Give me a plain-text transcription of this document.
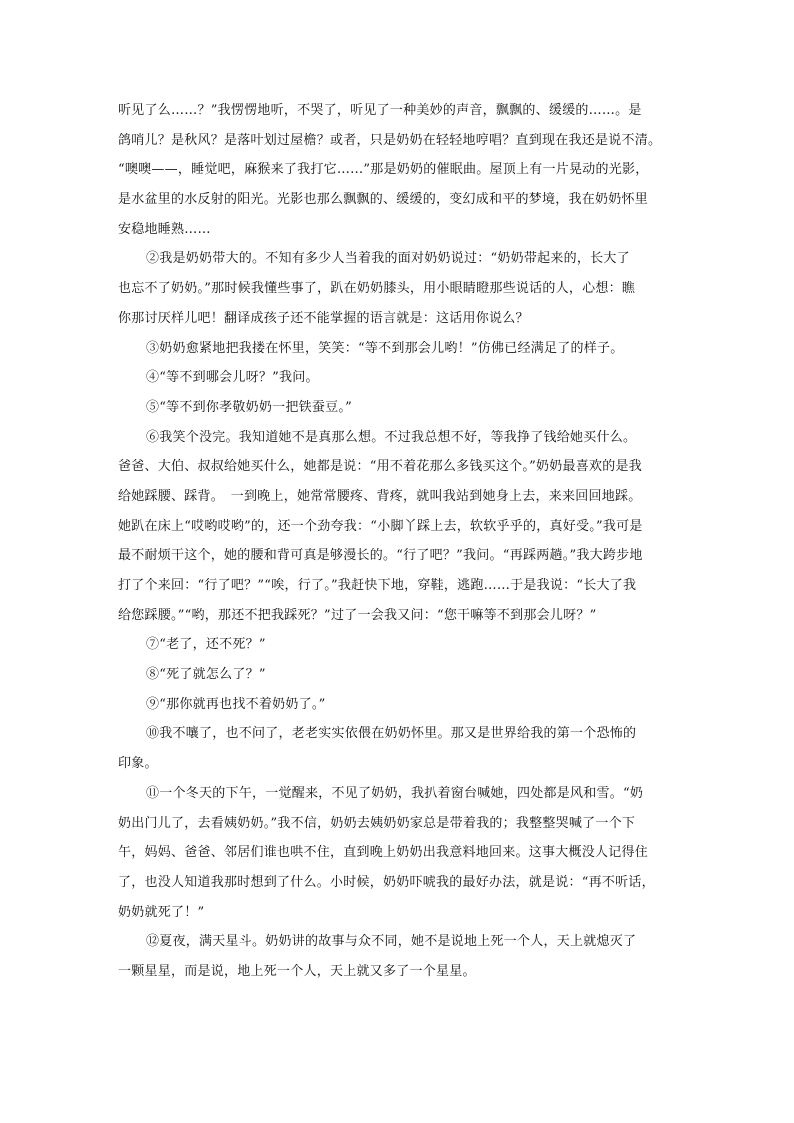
听见了么……？”我愣愣地听，不哭了，听见了一种美妙的声音，飘飘的、缓缓的……。是
鸽哨儿？是秋风？是落叶划过屋檐？或者，只是奶奶在轻轻地哼唱？直到现在我还是说不清。
“噢噢——，睡觉吧，麻猴来了我打它……”那是奶奶的催眠曲。屋顶上有一片晃动的光影，
是水盆里的水反射的阳光。光影也那么飘飘的、缓缓的，变幻成和平的梦境，我在奶奶怀里
安稳地睡熟……
②我是奶奶带大的。不知有多少人当着我的面对奶奶说过：“奶奶带起来的，长大了
也忘不了奶奶。”那时候我懂些事了，趴在奶奶膝头，用小眼睛瞪那些说话的人，心想：瞧
你那讨厌样儿吧！翻译成孩子还不能掌握的语言就是：这话用你说么？
③奶奶愈紧地把我搂在怀里，笑笑：“等不到那会儿哟！”仿佛已经满足了的样子。
④“等不到哪会儿呀？”我问。
⑤“等不到你孝敬奶奶一把铁蚕豆。”
⑥我笑个没完。我知道她不是真那么想。不过我总想不好，等我挣了钱给她买什么。
爸爸、大伯、叔叔给她买什么，她都是说：“用不着花那么多钱买这个。”奶奶最喜欢的是我
给她踩腰、踩背。　一到晚上，她常常腰疼、背疼，就叫我站到她身上去，来来回回地踩。
她趴在床上“哎哟哎哟”的，还一个劲夸我：“小脚丫踩上去，软软乎乎的，真好受。”我可是
最不耐烦干这个，她的腰和背可真是够漫长的。“行了吧？”我问。“再踩两趟。”我大跨步地
打了个来回：“行了吧？”“唉，行了。”我赶快下地，穿鞋，逃跑……于是我说：“长大了我
给您踩腰。”“哟，那还不把我踩死？”过了一会我又问：“您干嘛等不到那会儿呀？”
⑦“老了，还不死？”
⑧“死了就怎么了？”
⑨“那你就再也找不着奶奶了。”
⑩我不嚷了，也不问了，老老实实依偎在奶奶怀里。那又是世界给我的第一个恐怖的
印象。
⑪一个冬天的下午，一觉醒来，不见了奶奶，我扒着窗台喊她，四处都是风和雪。“奶
奶出门儿了，去看姨奶奶。”我不信，奶奶去姨奶奶家总是带着我的；我整整哭喊了一个下
午，妈妈、爸爸、邻居们谁也哄不住，直到晚上奶奶出我意料地回来。这事大概没人记得住
了，也没人知道我那时想到了什么。小时候，奶奶吓唬我的最好办法，就是说：“再不听话，
奶奶就死了！”
⑫夏夜，满天星斗。奶奶讲的故事与众不同，她不是说地上死一个人，天上就熄灭了
一颗星星，而是说，地上死一个人，天上就又多了一个星星。
